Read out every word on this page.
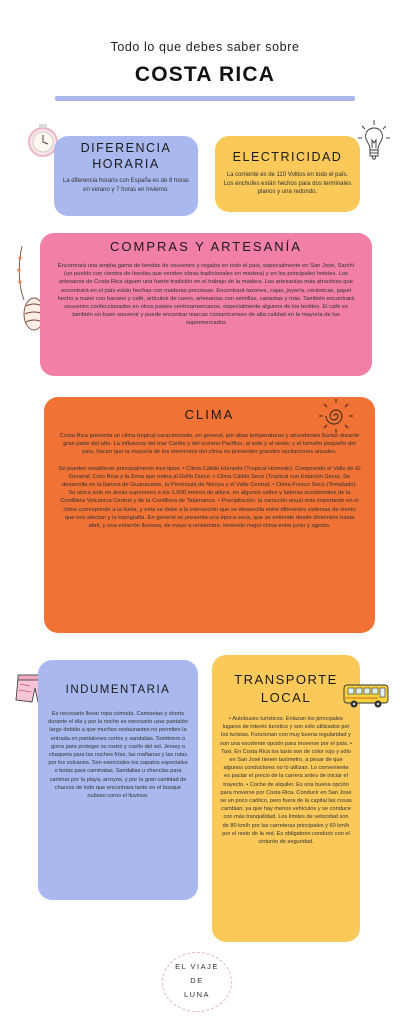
Todo lo que debes saber sobre
COSTA RICA
DIFERENCIA
HORARIA

La diferencia horario con España es de 8 horas en verano y 7 horas en invierno.

ELECTRICIDAD

La corriente es de 110 Voltios en todo el país. Los enchufes están hechos para dos terminales planos y una redondo.

COMPRAS Y ARTESANÍA

Encontrará una amplia gama de tiendas de souvenirs y regalos en todo el país, especialmente en San José, Sarchí (un pueblo con cientos de tiendas que venden obras tradicionales en madera) y en los principales hoteles. Los artesanos de Costa Rica siguen una fuerte tradición en el trabajo de la madera. Las artesanías más atractivas que encontrará en el país están hechas con maderas preciosas. Encontrará tazones, cajas, joyería, cerámicas, papel hecho a mano con banano y café, artículos de cuero, artesanías con semillas, canastas y más. También encontrará souvenirs confeccionados en otros países centroamericanos, especialmente algunos de los textiles. El café es también un buen souvenir y puede encontrar marcas costarricenses de alta calidad en la mayoría de los supermercados

CLIMA

Costa Rica presenta un clima tropical caracterizado, en general, por altas temperaturas y abundantes lluvias durante gran parte del año. La influencia del mar Caribe y del océano Pacífico, al este y al oeste, y el tamaño pequeño del país, hacen que la mayoría de los elementos del clima no presenten grandes oscilaciones anuales.

Se pueden establecer principalmente tres tipos: • Clima Cálido Húmedo (Tropical Húmedo). Comprende el Valle de El General, Coto Brus y la Zona que rodea al Golfo Dulce. • Clima Cálido Seco (Tropical con Estación Seca). Se desarrolla en la llanura de Guanacaste, la Península de Nicoya y el Valle Central. • Clima Fresco Seco (Templado). Se ubica solo en áreas superiores a los 1.500 metros de altura, en algunos valles y laderas accidentales de la Cordillera Volcánica Central y de la Cordillera de Talamanca. • Precipitación: la variación anual más importante en el clima corresponde a la lluvia, y esta se debe a la interacción que se desarrolla entre diferentes sistemas de viento que nos afectan y la topografía. En general se presenta una época seca, que se extiende desde diciembre hasta abril, y una estación lluviosa, de mayo a noviembre, teniendo mejor clima entre junio y agosto.

INDUMENTARIA

Es necesario llevar ropa cómoda. Camisetas y shorts durante el día y por la noche es necesario usar pantalón largo debido a que muchos restaurantes no permiten la entrada en pantalones cortos y sandalias. Sombrero o gorra para proteger su rostro y cuello del sol. Jersey o chaqueta para las noches frías, las mañanas y las rutas por los volcanes. Son esenciales los zapatos especiales o botas para caminatas. Sandalias u chanclas para caminar por la playa, arroyos, y por la gran cantidad de charcos de lodo que encontrara tanto en el bosque nuboso como el lluvioso.

TRANSPORTE
LOCAL

• Autobuses turísticos. Enlazan los principales lugares de interés turístico y son sólo utilizados por los turistas. Funcionan con muy buena regularidad y son una excelente opción para moverse por el país. • Taxi. En Costa Rica los taxis son de color rojo y sólo en San José tienen taxímetro, a pesar de que algunos conductores no lo utilizan. Lo conveniente es pactar el precio de la carrera antes de iniciar el trayecto. • Coche de alquiler. Es una buena opción para moverse por Costa Rica. Conducir en San José se un poco caótico, pero fuera de la capital las cosas cambian, ya que hay menos vehículos y se conduce con más tranquilidad. Los límites de velocidad son de 80 km/h por las carreteras principales y 60 km/h por el resto de la red. Es obligatorio conducir con el cinturón de seguridad.

EL VIAJE
DE
LUNA
